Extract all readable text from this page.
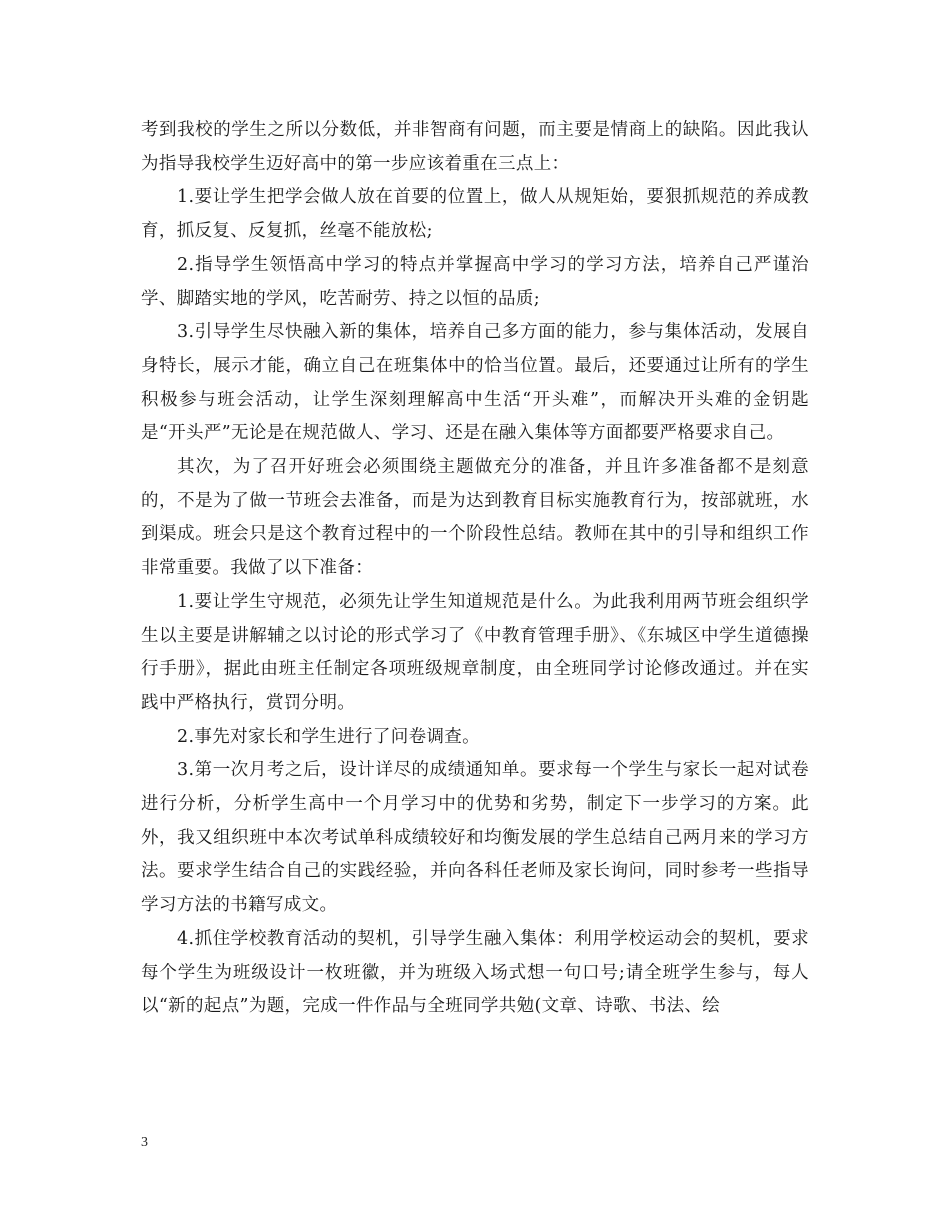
考到我校的学生之所以分数低，并非智商有问题，而主要是情商上的缺陷。因此我认为指导我校学生迈好高中的第一步应该着重在三点上：

1.要让学生把学会做人放在首要的位置上，做人从规矩始，要狠抓规范的养成教育，抓反复、反复抓，丝毫不能放松;

2.指导学生领悟高中学习的特点并掌握高中学习的学习方法，培养自己严谨治学、脚踏实地的学风，吃苦耐劳、持之以恒的品质;

3.引导学生尽快融入新的集体，培养自己多方面的能力，参与集体活动，发展自身特长，展示才能，确立自己在班集体中的恰当位置。最后，还要通过让所有的学生积极参与班会活动，让学生深刻理解高中生活“开头难”，而解决开头难的金钥匙是“开头严”无论是在规范做人、学习、还是在融入集体等方面都要严格要求自己。

其次，为了召开好班会必须围绕主题做充分的准备，并且许多准备都不是刻意的，不是为了做一节班会去准备，而是为达到教育目标实施教育行为，按部就班，水到渠成。班会只是这个教育过程中的一个阶段性总结。教师在其中的引导和组织工作非常重要。我做了以下准备：

1.要让学生守规范，必须先让学生知道规范是什么。为此我利用两节班会组织学生以主要是讲解辅之以讨论的形式学习了《中教育管理手册》、《东城区中学生道德操行手册》，据此由班主任制定各项班级规章制度，由全班同学讨论修改通过。并在实践中严格执行，赏罚分明。

2.事先对家长和学生进行了问卷调查。

3.第一次月考之后，设计详尽的成绩通知单。要求每一个学生与家长一起对试卷进行分析，分析学生高中一个月学习中的优势和劣势，制定下一步学习的方案。此外，我又组织班中本次考试单科成绩较好和均衡发展的学生总结自己两月来的学习方法。要求学生结合自己的实践经验，并向各科任老师及家长询问，同时参考一些指导学习方法的书籍写成文。

4.抓住学校教育活动的契机，引导学生融入集体：利用学校运动会的契机，要求每个学生为班级设计一枚班徽，并为班级入场式想一句口号;请全班学生参与，每人以“新的起点”为题，完成一件作品与全班同学共勉(文章、诗歌、书法、绘

3
